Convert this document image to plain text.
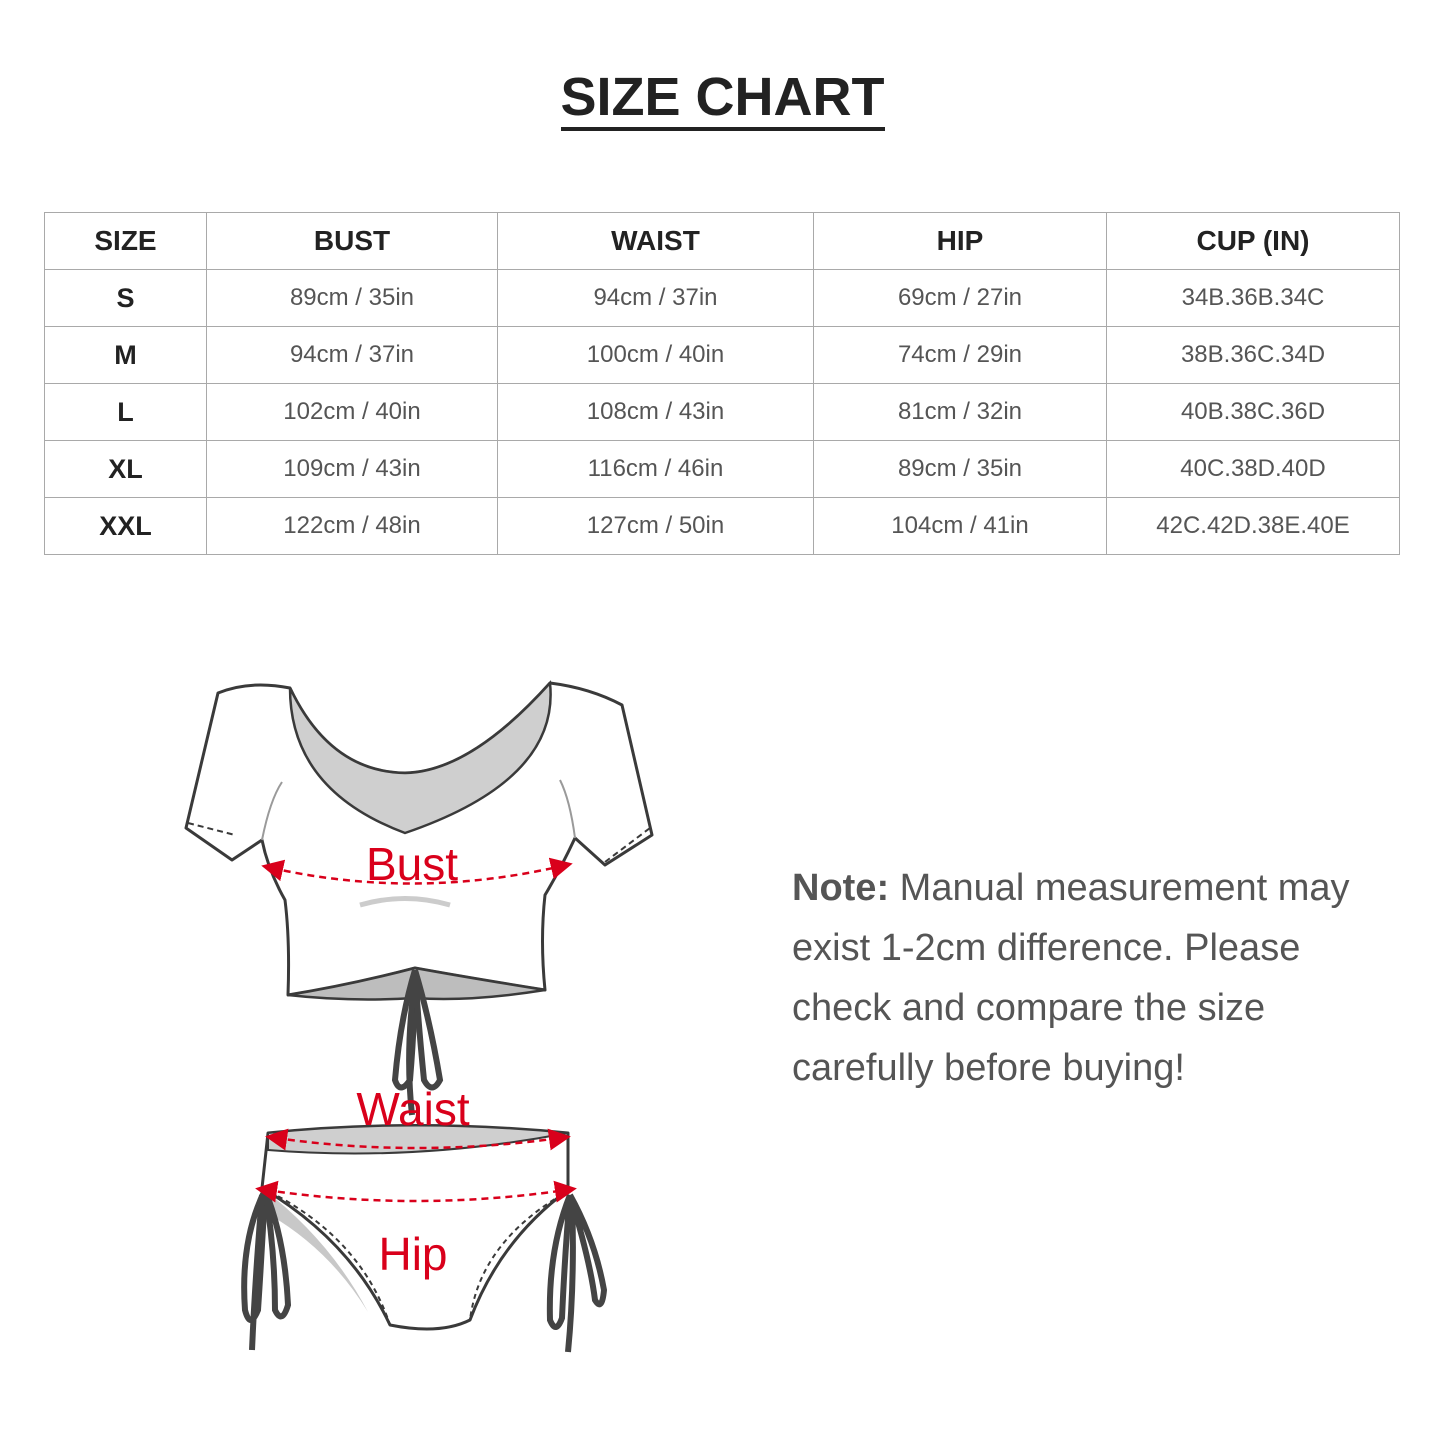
SIZE CHART
SIZE	BUST	WAIST	HIP	CUP (IN)
S	89cm / 35in	94cm / 37in	69cm / 27in	34B.36B.34C
M	94cm / 37in	100cm / 40in	74cm / 29in	38B.36C.34D
L	102cm / 40in	108cm / 43in	81cm / 32in	40B.38C.36D
XL	109cm / 43in	116cm / 46in	89cm / 35in	40C.38D.40D
XXL	122cm / 48in	127cm / 50in	104cm / 41in	42C.42D.38E.40E
Bust
Waist
Hip
Note: Manual measurement may exist 1-2cm difference. Please check and compare the size carefully before buying!
